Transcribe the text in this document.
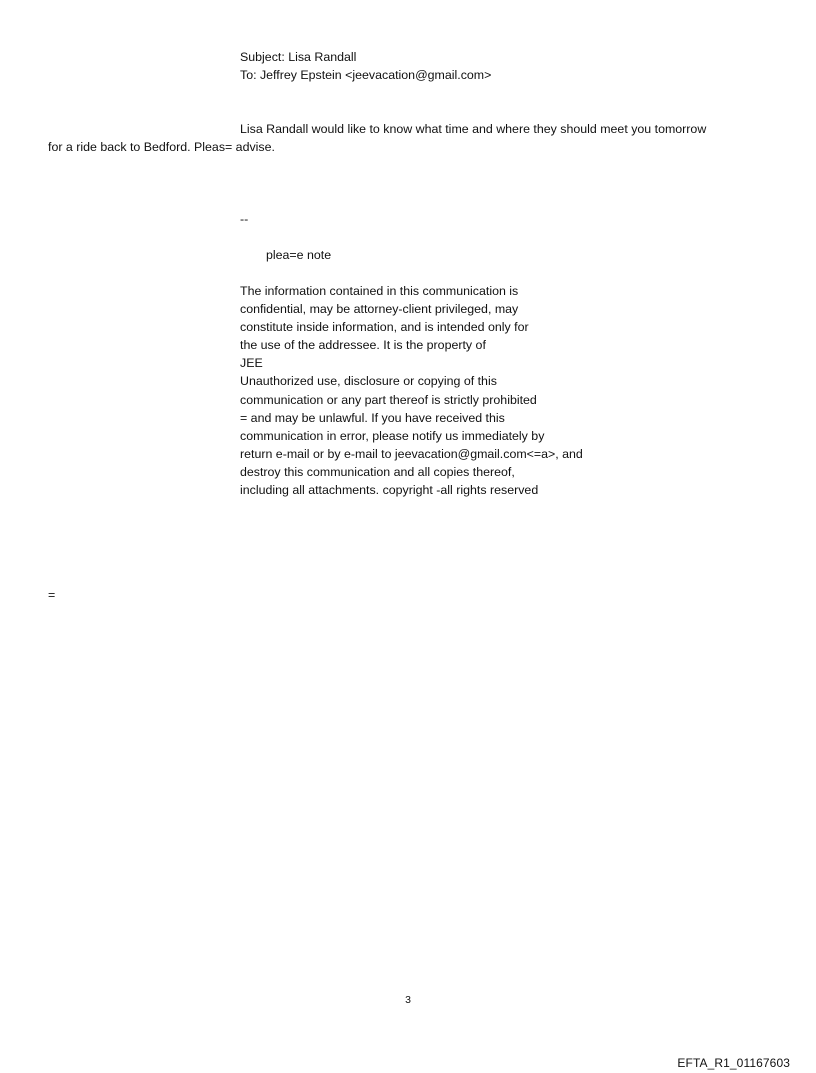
Subject: Lisa Randall
To: Jeffrey Epstein <jeevacation@gmail.com>
Lisa Randall would like to know what time and where they should meet you tomorrow
for a ride back to Bedford. Pleas= advise.
--
plea=e note
The information contained in this communication is
confidential, may be attorney-client privileged, may
constitute inside information, and is intended only for
the use of the addressee. It is the property of
JEE
Unauthorized use, disclosure or copying of this
communication or any part thereof is strictly prohibited
= and may be unlawful. If you have received this
communication in error, please notify us immediately by
return e-mail or by e-mail to jeevacation@gmail.com<=a>, and
destroy this communication and all copies thereof,
including all attachments. copyright -all rights reserved
=
3
EFTA_R1_01167603
